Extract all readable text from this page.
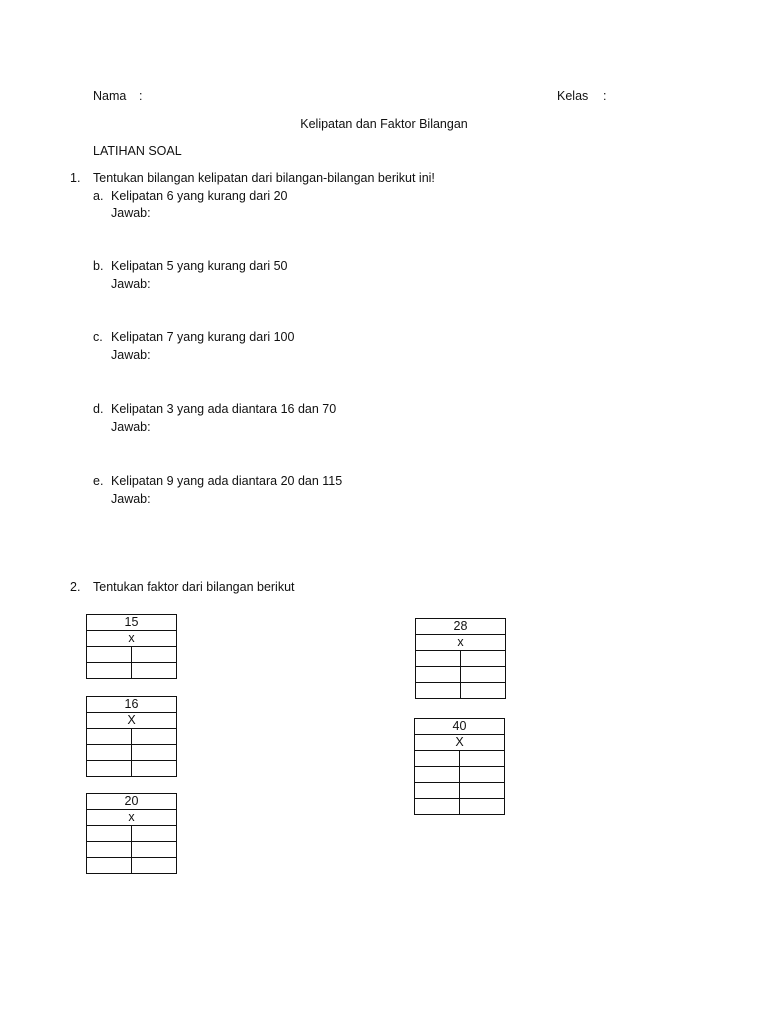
Nama :	Kelas :
Kelipatan dan Faktor Bilangan
LATIHAN SOAL
1. Tentukan bilangan kelipatan dari bilangan-bilangan berikut ini!
a. Kelipatan 6 yang kurang dari 20
Jawab:
b. Kelipatan 5 yang kurang dari 50
Jawab:
c. Kelipatan 7 yang kurang dari 100
Jawab:
d. Kelipatan 3 yang ada diantara 16 dan 70
Jawab:
e. Kelipatan 9 yang ada diantara 20 dan 115
Jawab:
2. Tentukan faktor dari bilangan berikut
15	
x	

16	
X	

20	
x	

28	
x	

40	
X	
